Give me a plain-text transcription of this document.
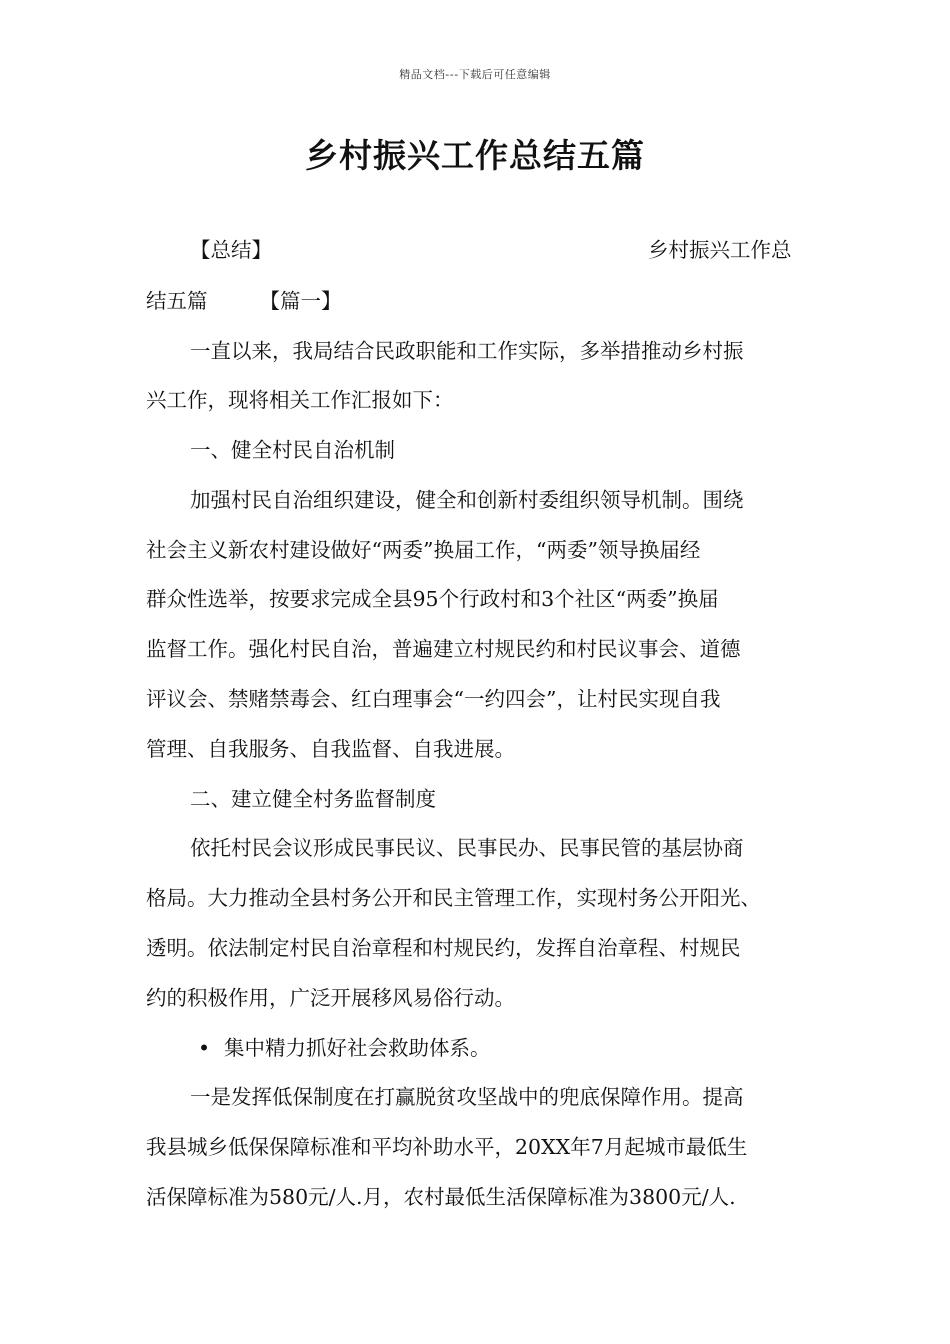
精品文档---下载后可任意编辑
乡村振兴工作总结五篇
【总结】	乡村振兴工作总
结五篇	【篇一】
一直以来，我局结合民政职能和工作实际，多举措推动乡村振
兴工作，现将相关工作汇报如下：
一、健全村民自治机制
加强村民自治组织建设，健全和创新村委组织领导机制。围绕
社会主义新农村建设做好“两委”换届工作，“两委”领导换届经
群众性选举，按要求完成全县95个行政村和3个社区“两委”换届
监督工作。强化村民自治，普遍建立村规民约和村民议事会、道德
评议会、禁赌禁毒会、红白理事会“一约四会”，让村民实现自我
管理、自我服务、自我监督、自我进展。
二、建立健全村务监督制度
依托村民会议形成民事民议、民事民办、民事民管的基层协商
格局。大力推动全县村务公开和民主管理工作，实现村务公开阳光、
透明。依法制定村民自治章程和村规民约，发挥自治章程、村规民
约的积极作用，广泛开展移风易俗行动。
• 集中精力抓好社会救助体系。
一是发挥低保制度在打赢脱贫攻坚战中的兜底保障作用。提高
我县城乡低保保障标准和平均补助水平，20XX年7月起城市最低生
活保障标准为580元/人.月，农村最低生活保障标准为3800元/人.
